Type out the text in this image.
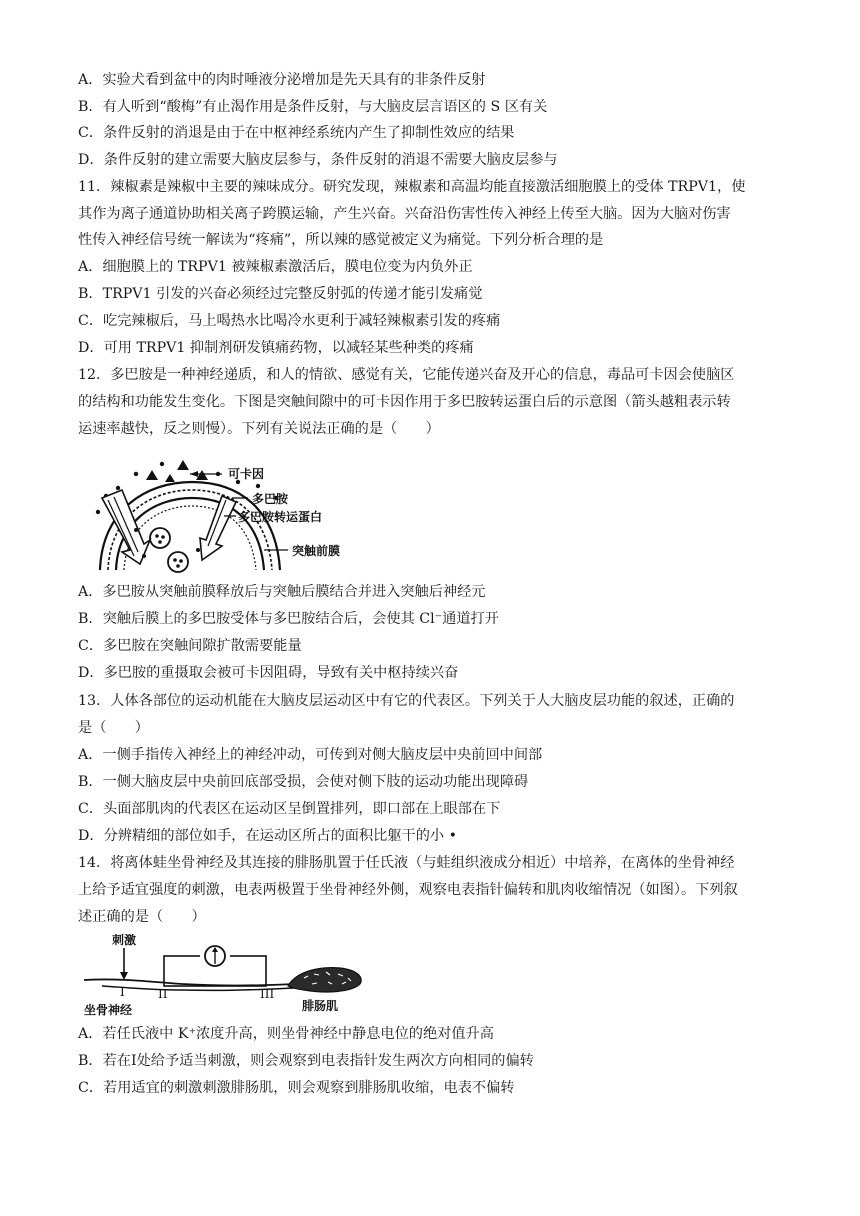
A．实验犬看到盆中的肉时唾液分泌增加是先天具有的非条件反射
B．有人听到“酸梅”有止渴作用是条件反射，与大脑皮层言语区的 S 区有关
C．条件反射的消退是由于在中枢神经系统内产生了抑制性效应的结果
D．条件反射的建立需要大脑皮层参与，条件反射的消退不需要大脑皮层参与
11．辣椒素是辣椒中主要的辣味成分。研究发现，辣椒素和高温均能直接激活细胞膜上的受体 TRPV1，使
其作为离子通道协助相关离子跨膜运输，产生兴奋。兴奋沿伤害性传入神经上传至大脑。因为大脑对伤害
性传入神经信号统一解读为“疼痛”，所以辣的感觉被定义为痛觉。下列分析合理的是
A．细胞膜上的 TRPV1 被辣椒素激活后，膜电位变为内负外正
B．TRPV1 引发的兴奋必须经过完整反射弧的传递才能引发痛觉
C．吃完辣椒后，马上喝热水比喝冷水更利于减轻辣椒素引发的疼痛
D．可用 TRPV1 抑制剂研发镇痛药物，以减轻某些种类的疼痛
12．多巴胺是一种神经递质，和人的情欲、感觉有关，它能传递兴奋及开心的信息，毒品可卡因会使脑区
的结构和功能发生变化。下图是突触间隙中的可卡因作用于多巴胺转运蛋白后的示意图（箭头越粗表示转
运速率越快，反之则慢）。下列有关说法正确的是（　　）
可卡因
多巴胺
多巴胺转运蛋白
突触前膜
A．多巴胺从突触前膜释放后与突触后膜结合并进入突触后神经元
B．突触后膜上的多巴胺受体与多巴胺结合后，会使其 Cl⁻通道打开
C．多巴胺在突触间隙扩散需要能量
D．多巴胺的重摄取会被可卡因阻碍，导致有关中枢持续兴奋
13．人体各部位的运动机能在大脑皮层运动区中有它的代表区。下列关于人大脑皮层功能的叙述，正确的
是（　　）
A．一侧手指传入神经上的神经冲动，可传到对侧大脑皮层中央前回中间部
B．一侧大脑皮层中央前回底部受损，会使对侧下肢的运动功能出现障碍
C．头面部肌肉的代表区在运动区呈倒置排列，即口部在上眼部在下
D．分辨精细的部位如手，在运动区所占的面积比躯干的小 •
14．将离体蛙坐骨神经及其连接的腓肠肌置于任氏液（与蛙组织液成分相近）中培养，在离体的坐骨神经
上给予适宜强度的刺激，电表两极置于坐骨神经外侧，观察电表指针偏转和肌肉收缩情况（如图）。下列叙
述正确的是（　　）
刺激
I	II	III
坐骨神经	腓肠肌
A．若任氏液中 K⁺浓度升高，则坐骨神经中静息电位的绝对值升高
B．若在I处给予适当刺激，则会观察到电表指针发生两次方向相同的偏转
C．若用适宜的刺激刺激腓肠肌，则会观察到腓肠肌收缩，电表不偏转
